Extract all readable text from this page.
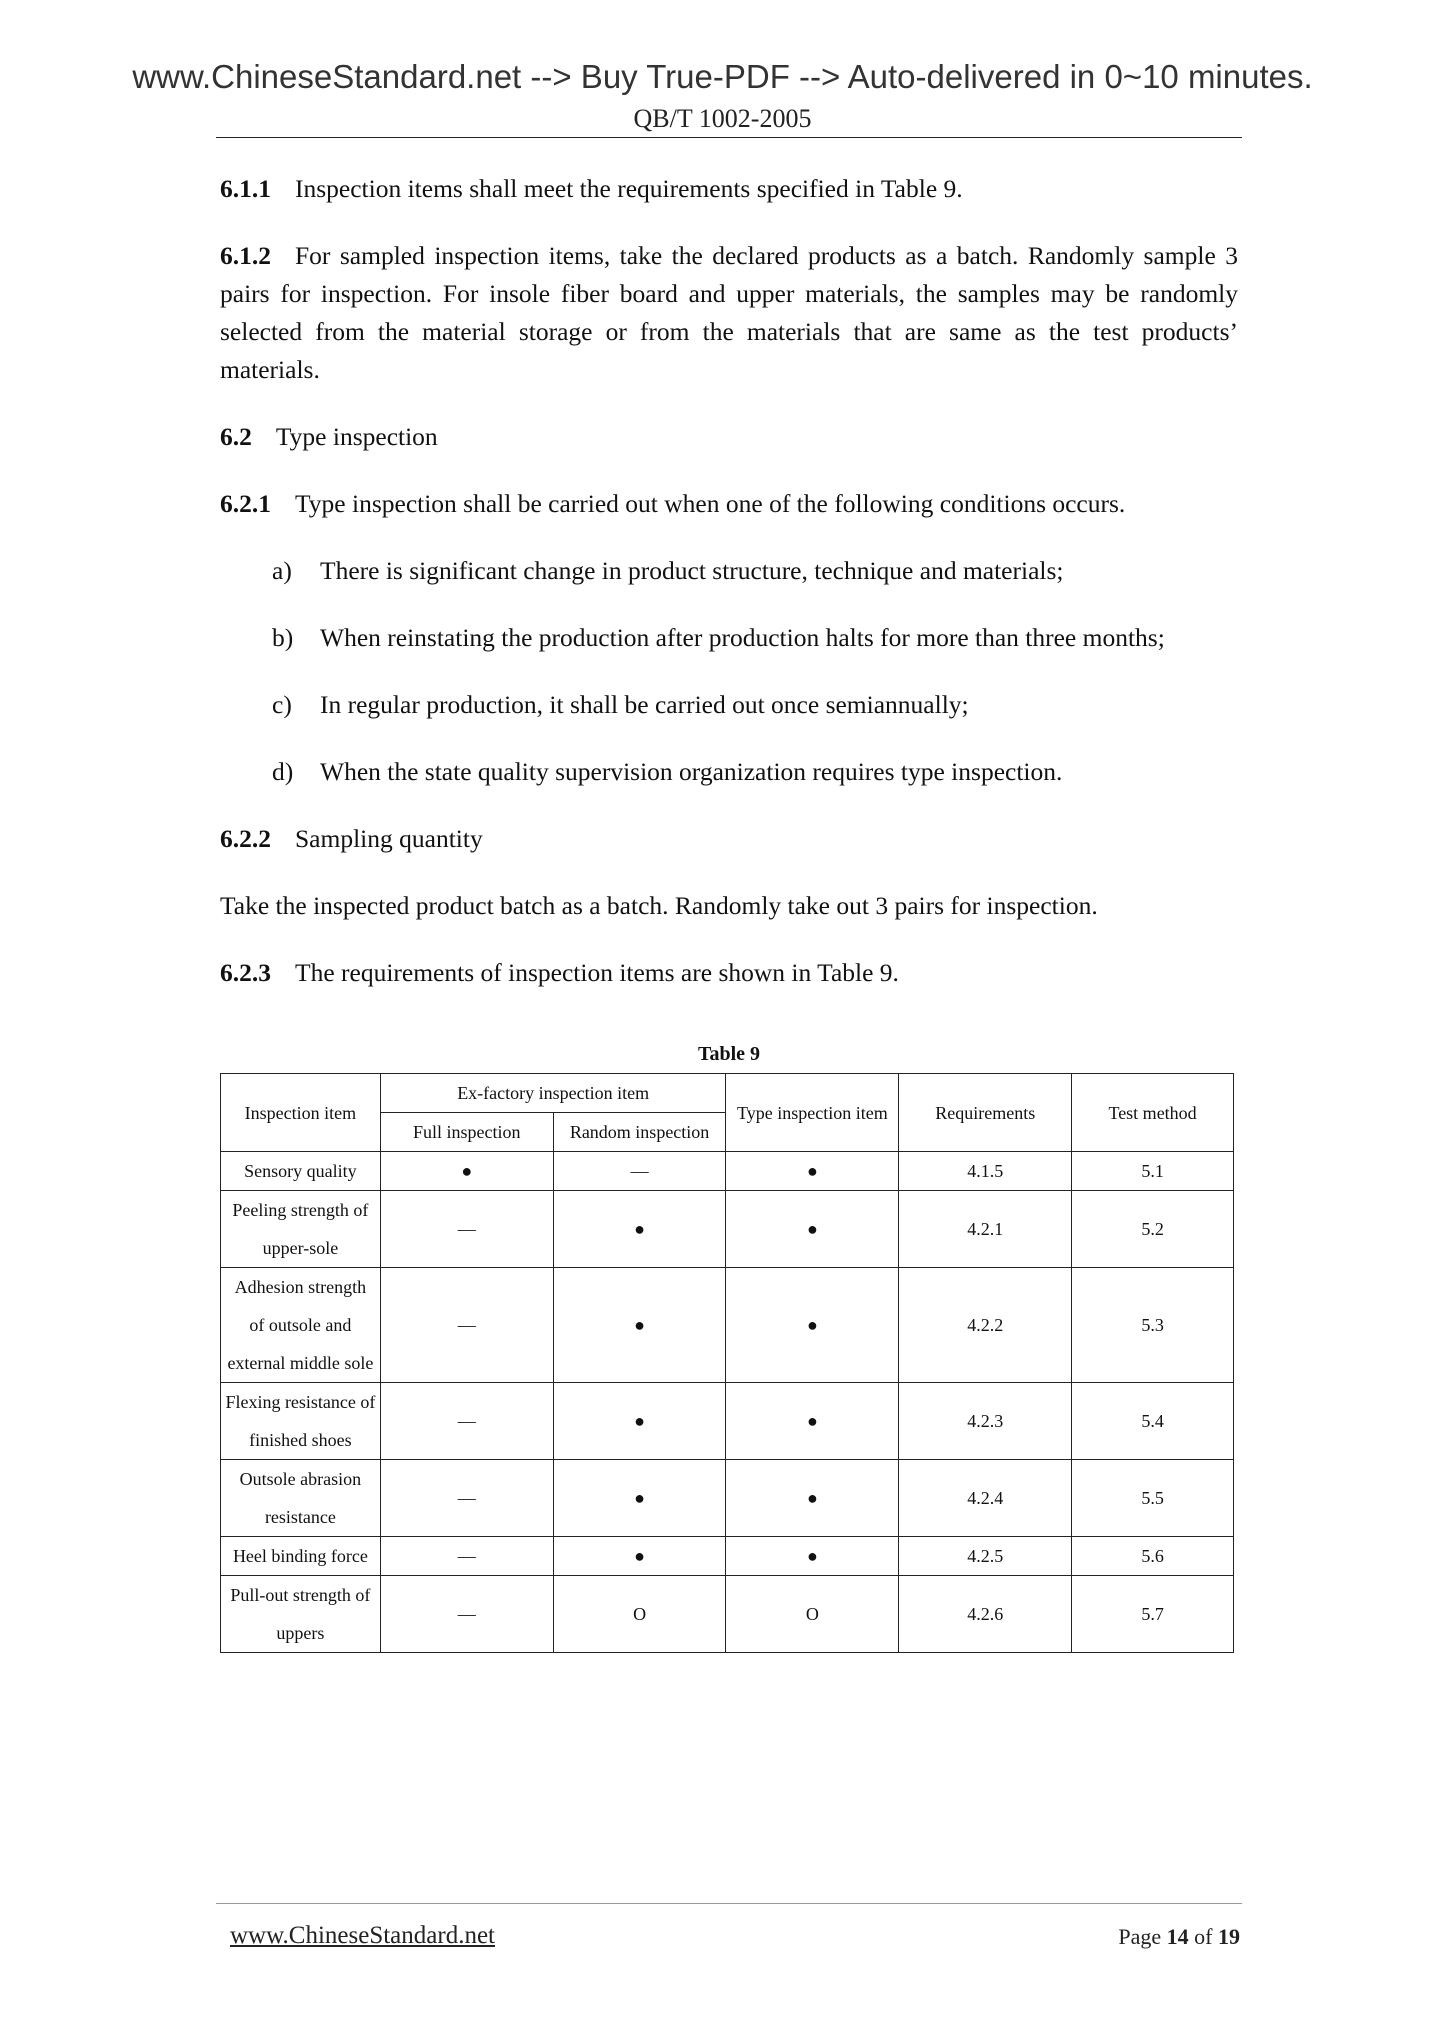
www.ChineseStandard.net --> Buy True-PDF --> Auto-delivered in 0~10 minutes.
QB/T 1002-2005

6.1.1 Inspection items shall meet the requirements specified in Table 9.

6.1.2 For sampled inspection items, take the declared products as a batch. Randomly sample 3 pairs for inspection. For insole fiber board and upper materials, the samples may be randomly selected from the material storage or from the materials that are same as the test products’ materials.

6.2 Type inspection

6.2.1 Type inspection shall be carried out when one of the following conditions occurs.

a) There is significant change in product structure, technique and materials;
b) When reinstating the production after production halts for more than three months;
c) In regular production, it shall be carried out once semiannually;
d) When the state quality supervision organization requires type inspection.

6.2.2 Sampling quantity

Take the inspected product batch as a batch. Randomly take out 3 pairs for inspection.

6.2.3 The requirements of inspection items are shown in Table 9.

Table 9
Inspection item	Ex-factory inspection item		Type inspection item	Requirements	Test method
	Full inspection	Random inspection			
Sensory quality	●	—	●	4.1.5	5.1
Peeling strength of upper-sole	—	●	●	4.2.1	5.2
Adhesion strength of outsole and external middle sole	—	●	●	4.2.2	5.3
Flexing resistance of finished shoes	—	●	●	4.2.3	5.4
Outsole abrasion resistance	—	●	●	4.2.4	5.5
Heel binding force	—	●	●	4.2.5	5.6
Pull-out strength of uppers	—	O	O	4.2.6	5.7
www.ChineseStandard.net	Page 14 of 19
